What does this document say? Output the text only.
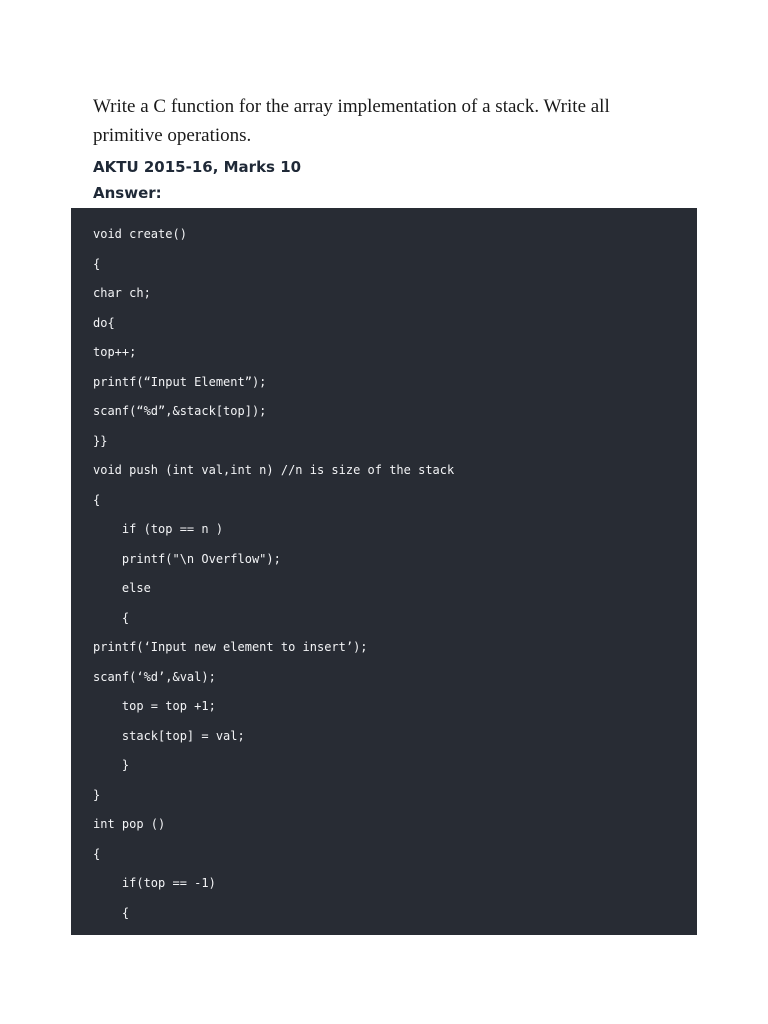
Write a C function for the array implementation of a stack. Write all primitive operations.

AKTU 2015-16, Marks 10

Answer:

void create()
{
char ch;
do{
top++;
printf(“Input Element”);
scanf(“%d”,&stack[top]);
}}
void push (int val,int n) //n is size of the stack
{
if (top == n )
printf("\n Overflow");
else
{
printf(‘Input new element to insert’);
scanf(‘%d’,&val);
top = top +1;
stack[top] = val;
}
}
int pop ()
{
if(top == -1)
{
